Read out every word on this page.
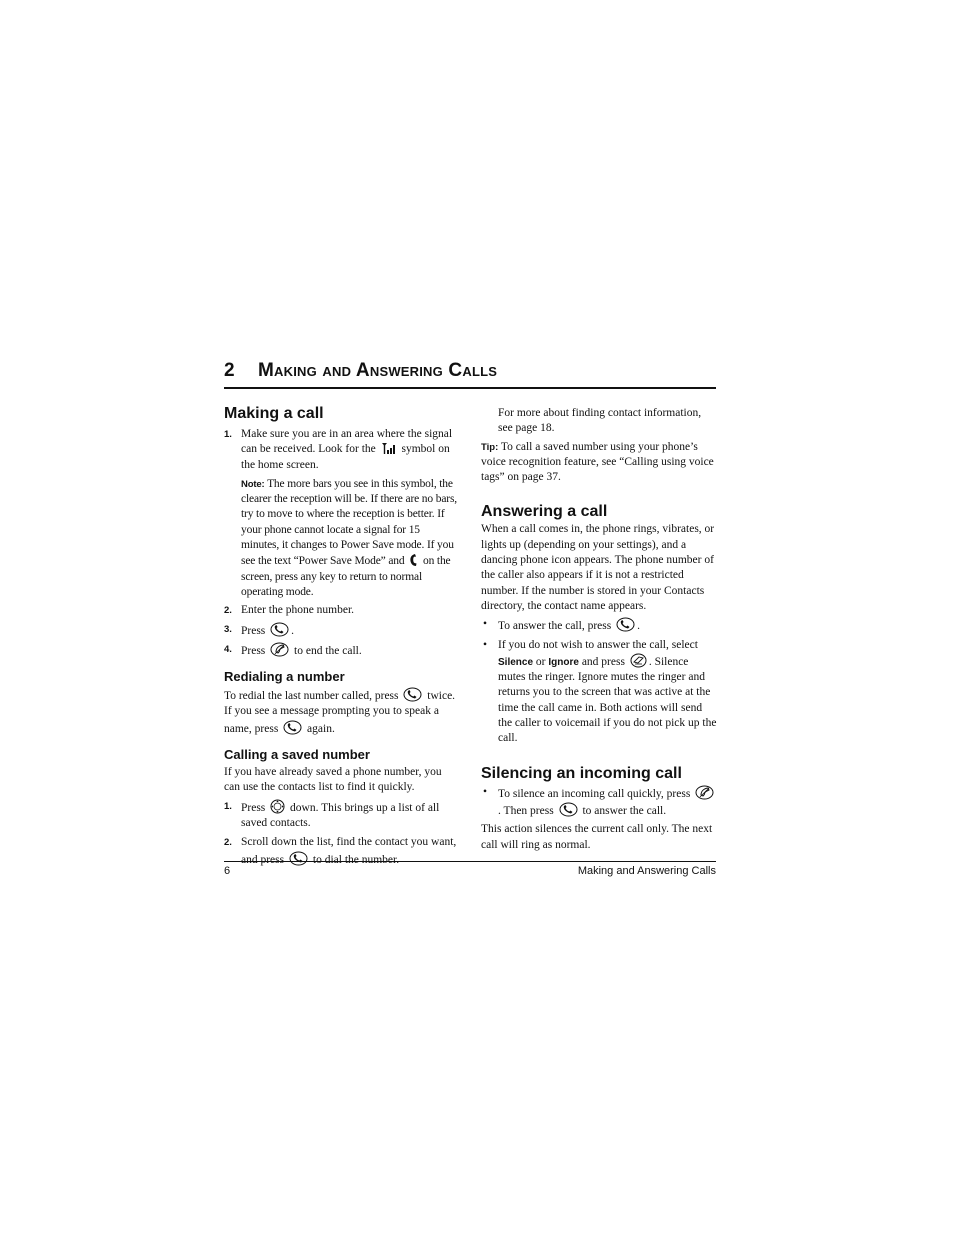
2 Making and Answering Calls
Making a call
1. Make sure you are in an area where the signal can be received. Look for the symbol on the home screen.
Note: The more bars you see in this symbol, the clearer the reception will be. If there are no bars, try to move to where the reception is better. If your phone cannot locate a signal for 15 minutes, it changes to Power Save mode. If you see the text “Power Save Mode” and on the screen, press any key to return to normal operating mode.
2. Enter the phone number.
3. Press .
4. Press	to end the call.
Redialing a number

To redial the last number called, press	twice. If you see a message prompting you to speak a name, press	again.

Calling a saved number

If you have already saved a phone number, you can use the contacts list to find it quickly.

1. Press down. This brings up a list of all saved contacts.
2. Scroll down the list, find the contact you want, and press	to dial the number.

For more about finding contact information, see page 18.

Tip: To call a saved number using your phone’s voice recognition feature, see “Calling using voice tags” on page 37.

Answering a call

When a call comes in, the phone rings, vibrates, or lights up (depending on your settings), and a dancing phone icon appears. The phone number of the caller also appears if it is not a restricted number. If the number is stored in your Contacts directory, the contact name appears.

• To answer the call, press .
• If you do not wish to answer the call, select Silence or Ignore and press . Silence mutes the ringer. Ignore mutes the ringer and returns you to the screen that was active at the time the call came in. Both actions will send the caller to voicemail if you do not pick up the call.
Silencing an incoming call
• To silence an incoming call quickly, press . Then press	to answer the call.

This action silences the current call only. The next call will ring as normal.

6	Making and Answering Calls
